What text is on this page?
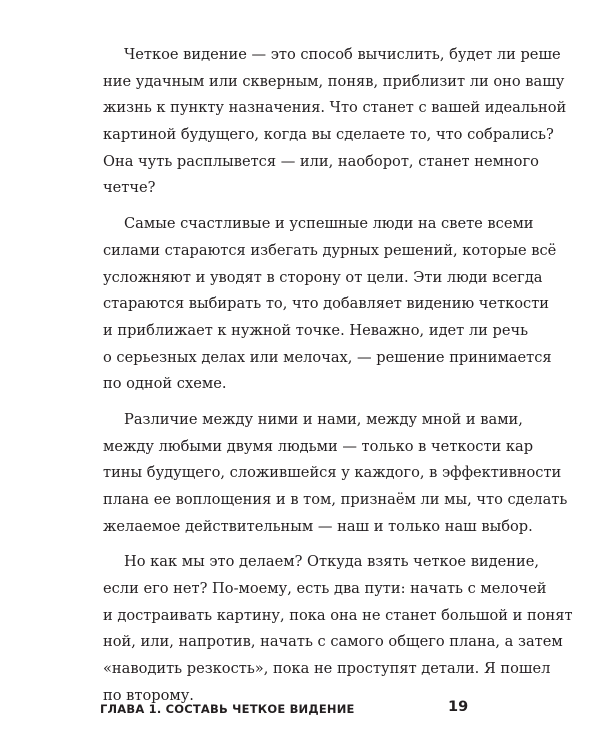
Четкое видение — это способ вычислить, будет ли реше
ние удачным или скверным, поняв, приблизит ли оно вашу
жизнь к пункту назначения. Что станет с вашей идеальной
картиной будущего, когда вы сделаете то, что собрались?
Она чуть расплывется — или, наоборот, станет немного
четче?
Самые счастливые и успешные люди на свете всеми
силами стараются избегать дурных решений, которые всё
усложняют и уводят в сторону от цели. Эти люди всегда
стараются выбирать то, что добавляет видению четкости
и приближает к нужной точке. Неважно, идет ли речь
о серьезных делах или мелочах, — решение принимается
по одной схеме.
Различие между ними и нами, между мной и вами,
между любыми двумя людьми — только в четкости кар
тины будущего, сложившейся у каждого, в эффективности
плана ее воплощения и в том, признаём ли мы, что сделать
желаемое действительным — наш и только наш выбор.
Но как мы это делаем? Откуда взять четкое видение,
если его нет? По-моему, есть два пути: начать с мелочей
и достраивать картину, пока она не станет большой и понят
ной, или, напротив, начать с самого общего плана, а затем
«наводить резкость», пока не проступят детали. Я пошел
по второму.
ГЛАВА 1. СОСТАВЬ ЧЕТКОЕ ВИДЕНИЕ	19
